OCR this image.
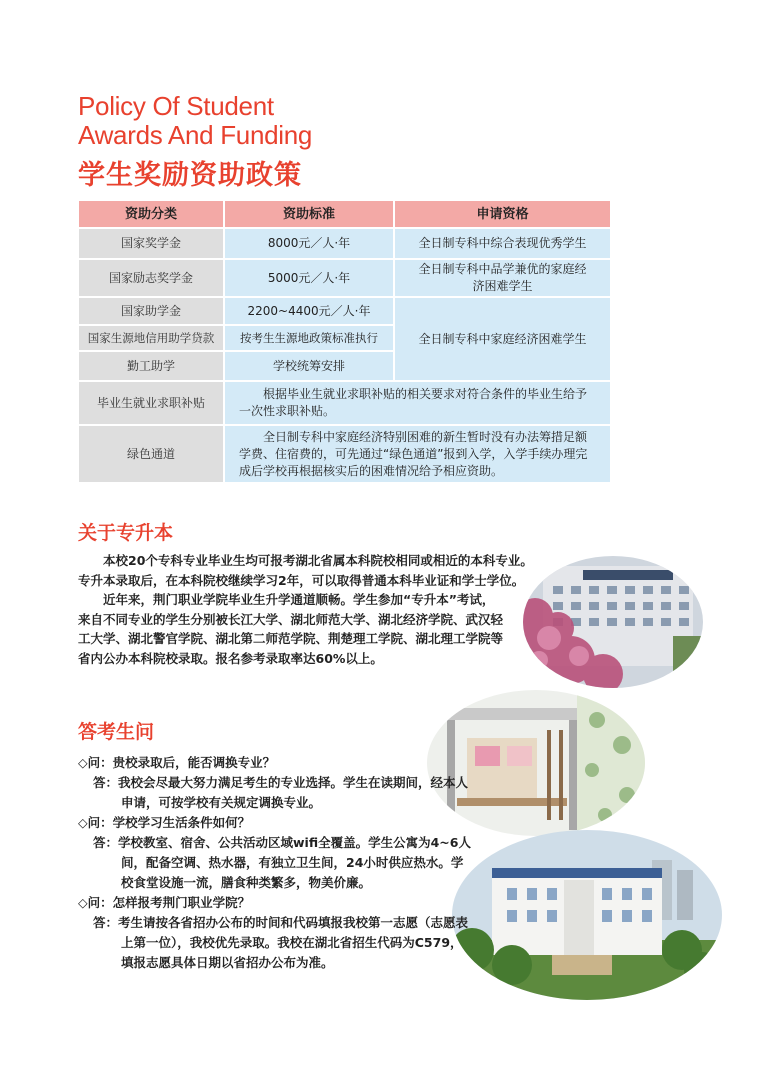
Policy Of Student
Awards And Funding
学生奖励资助政策
资助分类	资助标准	申请资格
国家奖学金	8000元／人·年	全日制专科中综合表现优秀学生
国家励志奖学金	5000元／人·年	全日制专科中品学兼优的家庭经济困难学生
国家助学金	2200~4400元／人·年	全日制专科中家庭经济困难学生
国家生源地信用助学贷款	按考生生源地政策标准执行	
勤工助学	学校统筹安排	
毕业生就业求职补贴	根据毕业生就业求职补贴的相关要求对符合条件的毕业生给予一次性求职补贴。	
绿色通道	全日制专科中家庭经济特别困难的新生暂时没有办法筹措足额学费、住宿费的，可先通过“绿色通道”报到入学，入学手续办理完成后学校再根据核实后的困难情况给予相应资助。	
关于专升本

本校20个专科专业毕业生均可报考湖北省属本科院校相同或相近的本科专业。

专升本录取后，在本科院校继续学习2年，可以取得普通本科毕业证和学士学位。

近年来，荆门职业学院毕业生升学通道顺畅。学生参加“专升本”考试，

来自不同专业的学生分别被长江大学、湖北师范大学、湖北经济学院、武汉轻

工大学、湖北警官学院、湖北第二师范学院、荆楚理工学院、湖北理工学院等

省内公办本科院校录取。报名参考录取率达60%以上。

答考生问

◇问：贵校录取后，能否调换专业？

答：我校会尽最大努力满足考生的专业选择。学生在读期间，经本人申请，可按学校有关规定调换专业。

◇问：学校学习生活条件如何？

答：学校教室、宿舍、公共活动区域wifi全覆盖。学生公寓为4~6人间，配备空调、热水器，有独立卫生间，24小时供应热水。学校食堂设施一流，膳食种类繁多，物美价廉。

◇问：怎样报考荆门职业学院？

答：考生请按各省招办公布的时间和代码填报我校第一志愿（志愿表上第一位），我校优先录取。我校在湖北省招生代码为C579，填报志愿具体日期以省招办公布为准。
